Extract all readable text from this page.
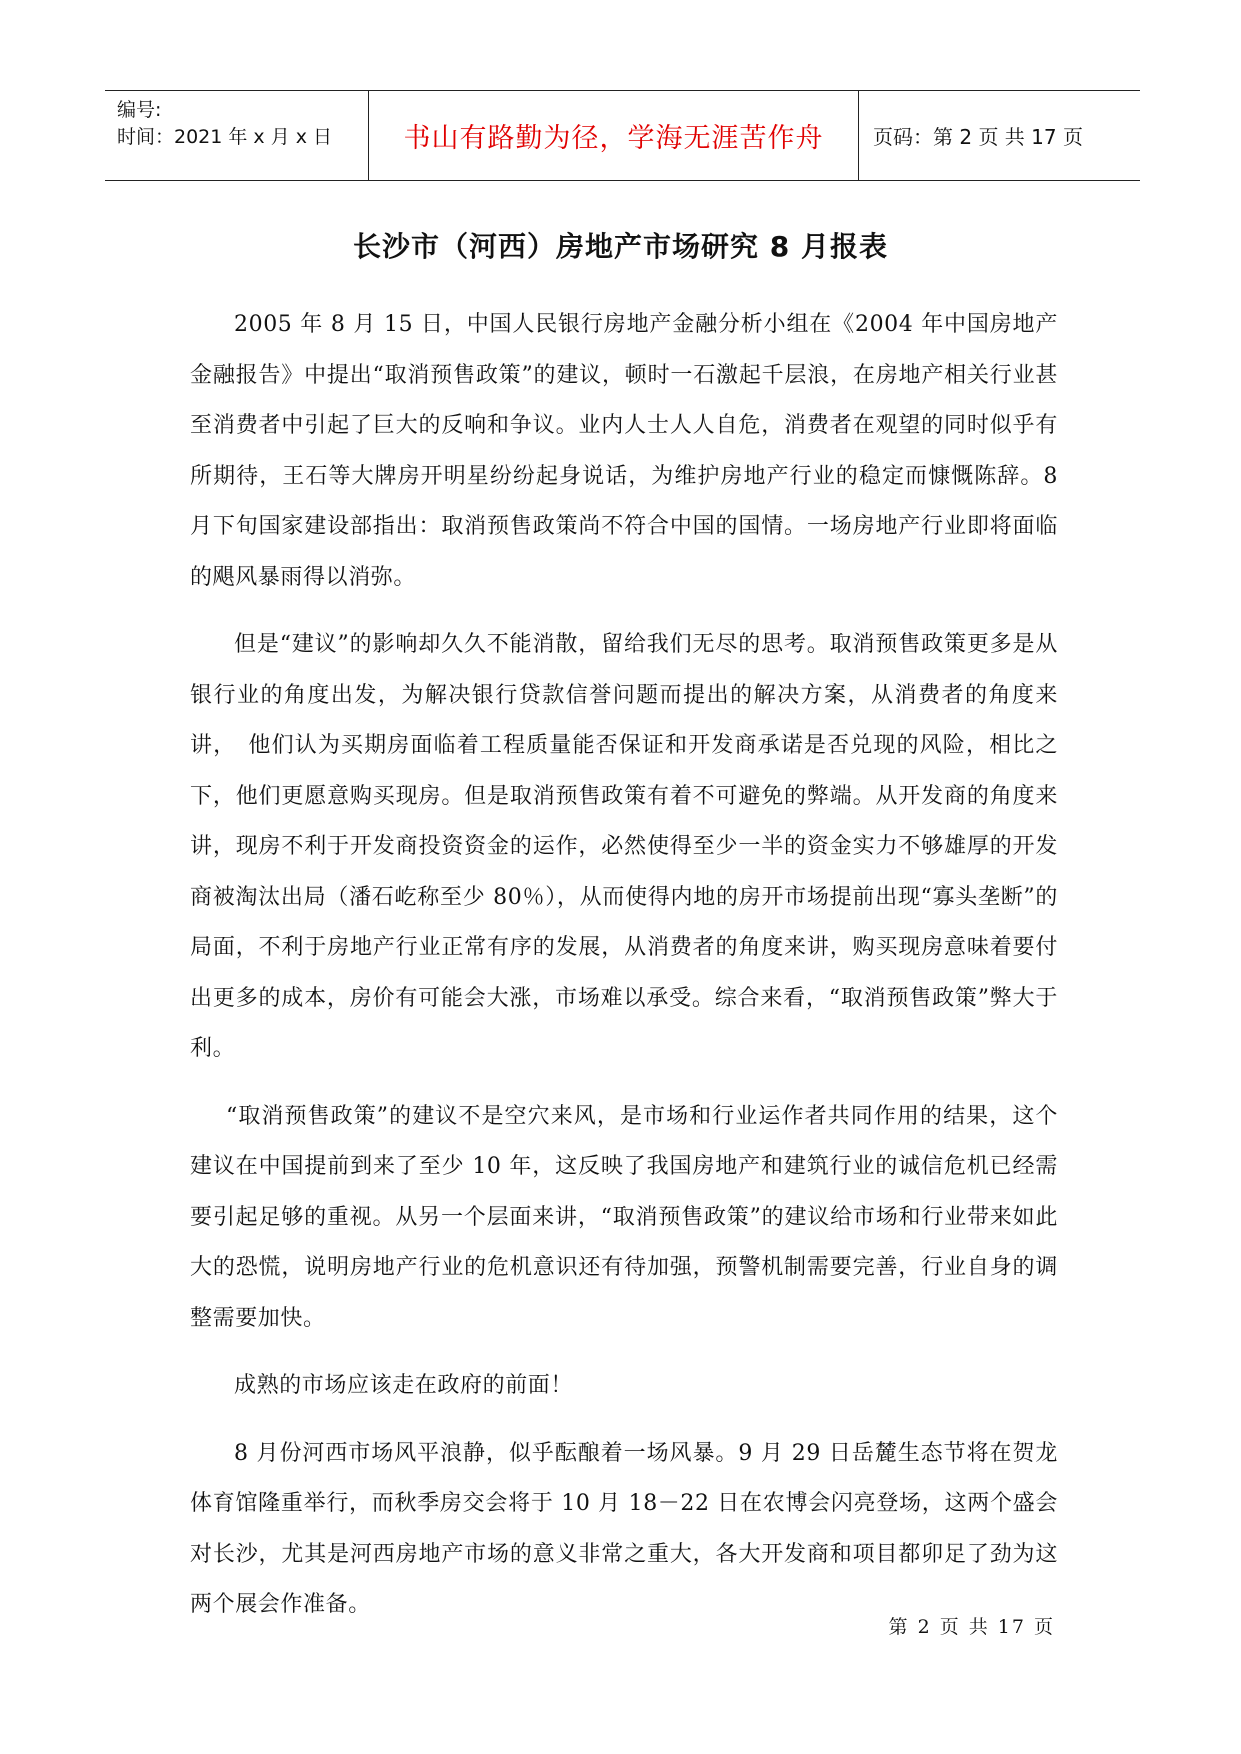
编号:
时间：2021 年 x 月 x 日	书山有路勤为径，学海无涯苦作舟	页码：第 2 页 共 17 页
长沙市（河西）房地产市场研究 8 月报表

2005 年 8 月 15 日，中国人民银行房地产金融分析小组在《2004 年中国房地产金融报告》中提出“取消预售政策”的建议，顿时一石激起千层浪，在房地产相关行业甚至消费者中引起了巨大的反响和争议。业内人士人人自危，消费者在观望的同时似乎有所期待，王石等大牌房开明星纷纷起身说话，为维护房地产行业的稳定而慷慨陈辞。8 月下旬国家建设部指出：取消预售政策尚不符合中国的国情。一场房地产行业即将面临的飓风暴雨得以消弥。

但是“建议”的影响却久久不能消散，留给我们无尽的思考。取消预售政策更多是从银行业的角度出发，为解决银行贷款信誉问题而提出的解决方案，从消费者的角度来讲，　他们认为买期房面临着工程质量能否保证和开发商承诺是否兑现的风险，相比之下，他们更愿意购买现房。但是取消预售政策有着不可避免的弊端。从开发商的角度来讲，现房不利于开发商投资资金的运作，必然使得至少一半的资金实力不够雄厚的开发商被淘汰出局（潘石屹称至少 80％），从而使得内地的房开市场提前出现“寡头垄断”的局面，不利于房地产行业正常有序的发展，从消费者的角度来讲，购买现房意味着要付出更多的成本，房价有可能会大涨，市场难以承受。综合来看，“取消预售政策”弊大于利。

“取消预售政策”的建议不是空穴来风，是市场和行业运作者共同作用的结果，这个建议在中国提前到来了至少 10 年，这反映了我国房地产和建筑行业的诚信危机已经需要引起足够的重视。从另一个层面来讲，“取消预售政策”的建议给市场和行业带来如此大的恐慌，说明房地产行业的危机意识还有待加强，预警机制需要完善，行业自身的调整需要加快。

成熟的市场应该走在政府的前面！

8 月份河西市场风平浪静，似乎酝酿着一场风暴。9 月 29 日岳麓生态节将在贺龙体育馆隆重举行，而秋季房交会将于 10 月 18－22 日在农博会闪亮登场，这两个盛会对长沙，尤其是河西房地产市场的意义非常之重大，各大开发商和项目都卯足了劲为这两个展会作准备。

第 2 页 共 17 页
